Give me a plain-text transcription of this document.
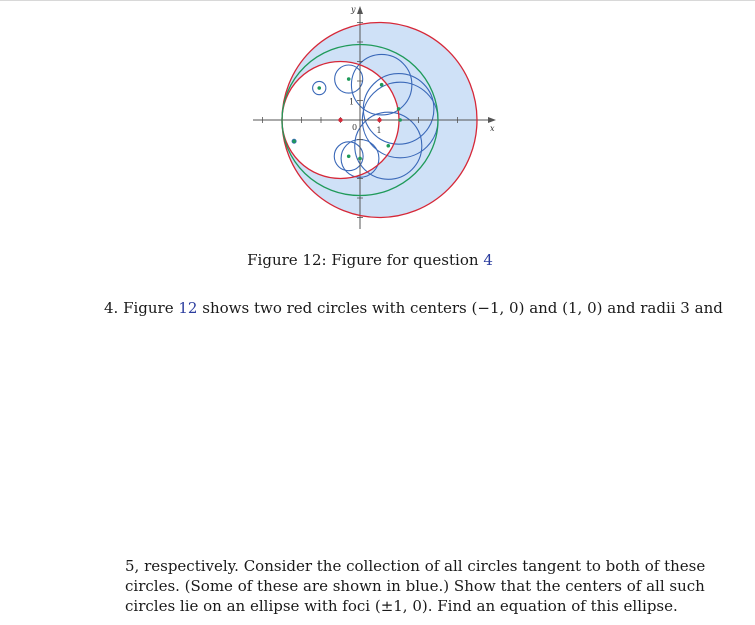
y
x
0 1
1
Figure 12: Figure for question 4
4. Figure 12 shows two red circles with centers (−1, 0) and (1, 0) and radii 3 and
5, respectively. Consider the collection of all circles tangent to both of these
circles. (Some of these are shown in blue.) Show that the centers of all such
circles lie on an ellipse with foci (±1, 0). Find an equation of this ellipse.
